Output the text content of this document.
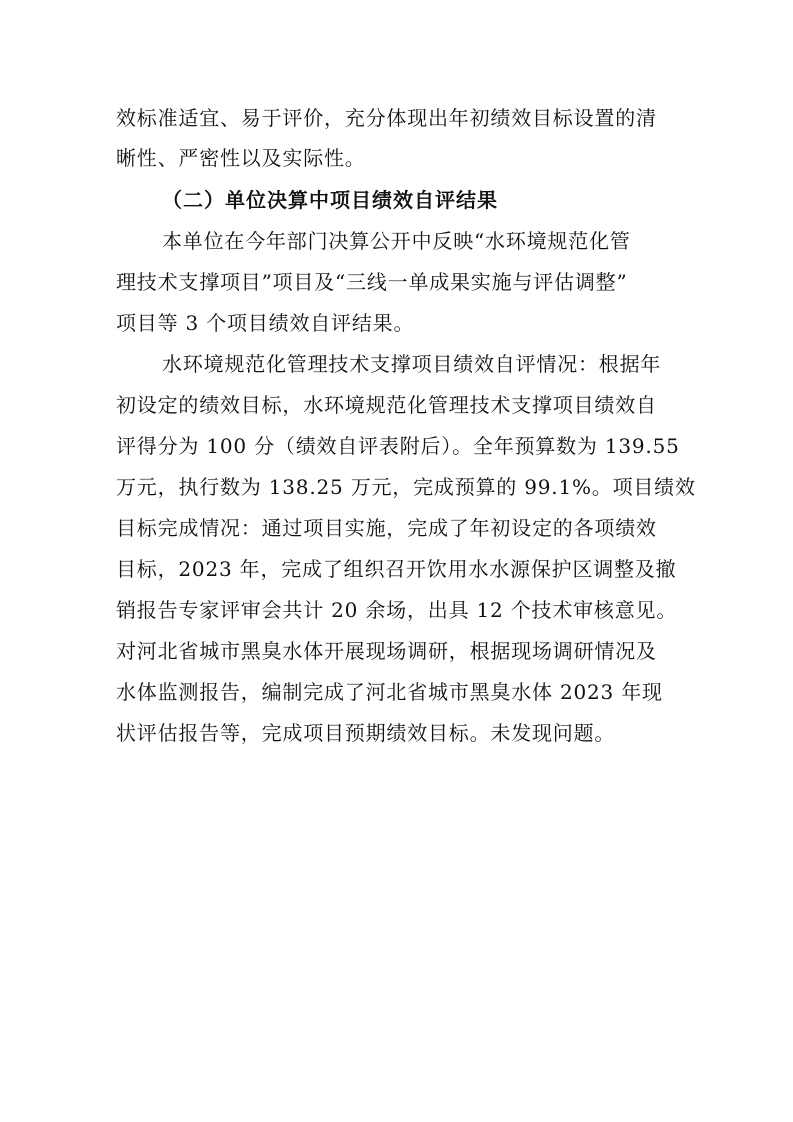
效标准适宜、易于评价，充分体现出年初绩效目标设置的清
晰性、严密性以及实际性。
（二）单位决算中项目绩效自评结果
本单位在今年部门决算公开中反映“水环境规范化管
理技术支撑项目”项目及“三线一单成果实施与评估调整”
项目等 3 个项目绩效自评结果。
水环境规范化管理技术支撑项目绩效自评情况：根据年
初设定的绩效目标，水环境规范化管理技术支撑项目绩效自
评得分为 100 分（绩效自评表附后）。全年预算数为 139.55
万元，执行数为 138.25 万元，完成预算的 99.1%。项目绩效
目标完成情况：通过项目实施，完成了年初设定的各项绩效
目标，2023 年，完成了组织召开饮用水水源保护区调整及撤
销报告专家评审会共计 20 余场，出具 12 个技术审核意见。
对河北省城市黑臭水体开展现场调研，根据现场调研情况及
水体监测报告，编制完成了河北省城市黑臭水体 2023 年现
状评估报告等，完成项目预期绩效目标。未发现问题。
